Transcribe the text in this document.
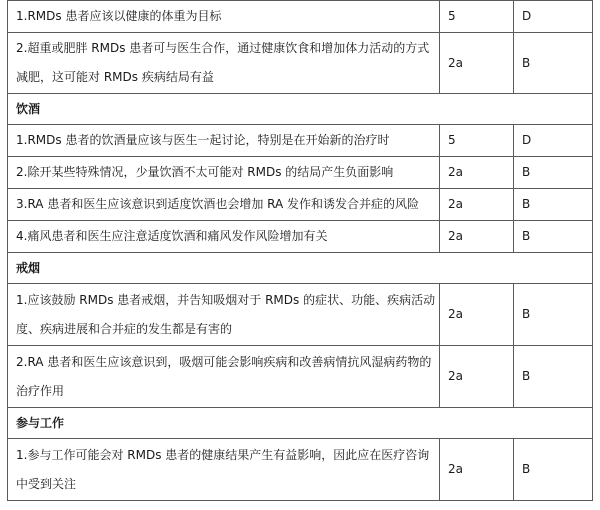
1.RMDs 患者应该以健康的体重为目标	5	D
2.超重或肥胖 RMDs 患者可与医生合作，通过健康饮食和增加体力活动的方式减肥，这可能对 RMDs 疾病结局有益	2a	B
饮酒		
1.RMDs 患者的饮酒量应该与医生一起讨论，特别是在开始新的治疗时	5	D
2.除开某些特殊情况，少量饮酒不太可能对 RMDs 的结局产生负面影响	2a	B
3.RA 患者和医生应该意识到适度饮酒也会增加 RA 发作和诱发合并症的风险	2a	B
4.痛风患者和医生应注意适度饮酒和痛风发作风险增加有关	2a	B
戒烟		
1.应该鼓励 RMDs 患者戒烟，并告知吸烟对于 RMDs 的症状、功能、疾病活动度、疾病进展和合并症的发生都是有害的	2a	B
2.RA 患者和医生应该意识到，吸烟可能会影响疾病和改善病情抗风湿病药物的治疗作用	2a	B
参与工作		
1.参与工作可能会对 RMDs 患者的健康结果产生有益影响，因此应在医疗咨询中受到关注	2a	B
